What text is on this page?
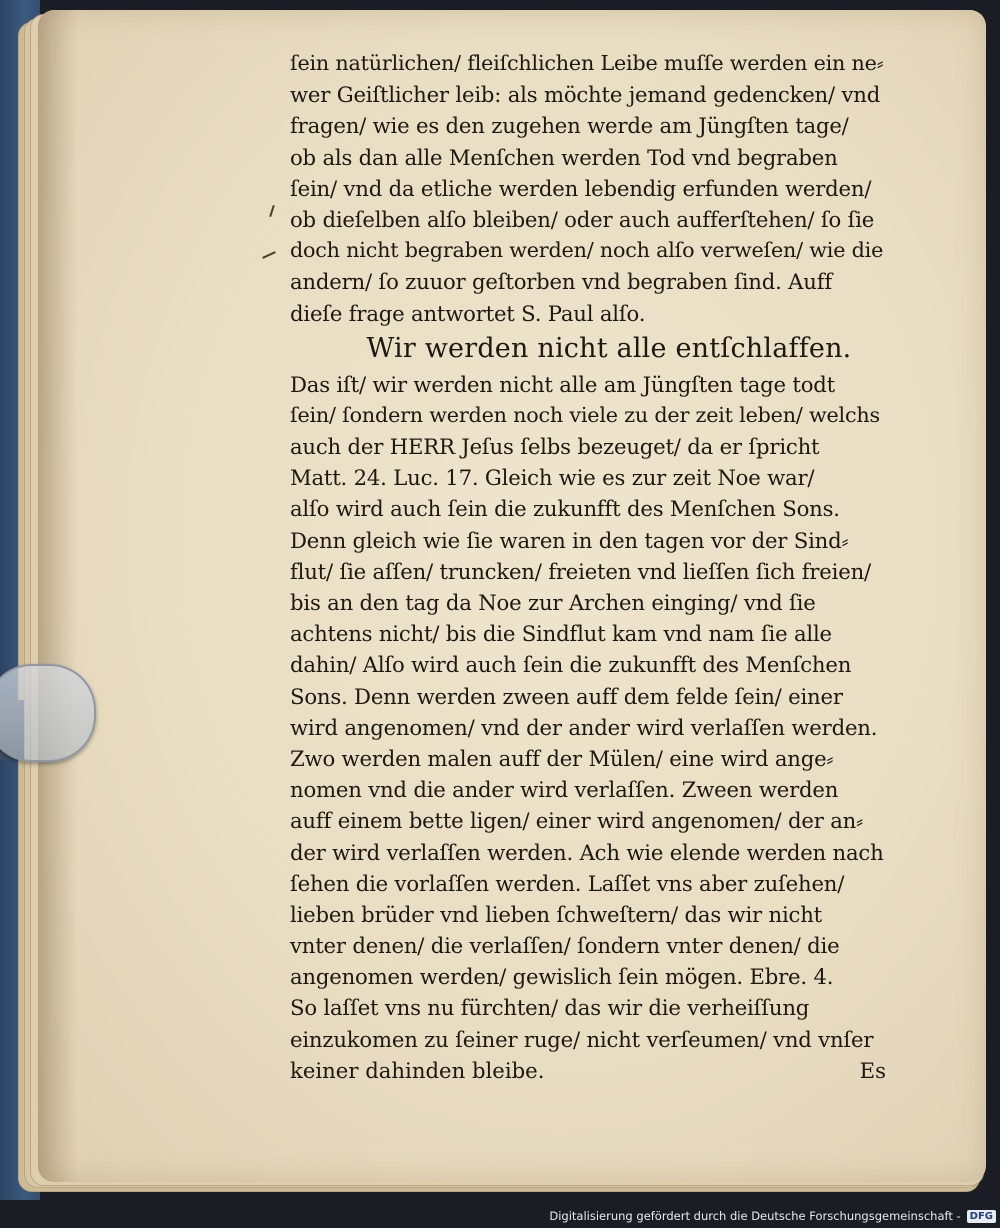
ſein natürlichen/ fleiſchlichen Leibe muſſe werden ein ne⸗
wer Geiſtlicher leib: als möchte jemand gedencken/ vnd
fragen/ wie es den zugehen werde am Jüngſten tage/
ob als dan alle Menſchen werden Tod vnd begraben
ſein/ vnd da etliche werden lebendig erfunden werden/
ob dieſelben alſo bleiben/ oder auch aufferſtehen/ ſo ſie
doch nicht begraben werden/ noch alſo verweſen/ wie die
andern/ ſo zuuor geſtorben vnd begraben ſind. Auff
dieſe frage antwortet S. Paul alſo.
Wir werden nicht alle entſchlaffen.
Das iſt/ wir werden nicht alle am Jüngſten tage todt
ſein/ ſondern werden noch viele zu der zeit leben/ welchs
auch der HERR Jeſus ſelbs bezeuget/ da er ſpricht
Matt. 24. Luc. 17. Gleich wie es zur zeit Noe war/
alſo wird auch ſein die zukunfft des Menſchen Sons.
Denn gleich wie ſie waren in den tagen vor der Sind⸗
flut/ ſie aſſen/ truncken/ freieten vnd lieſſen ſich freien/
bis an den tag da Noe zur Archen einging/ vnd ſie
achtens nicht/ bis die Sindflut kam vnd nam ſie alle
dahin/ Alſo wird auch ſein die zukunfft des Menſchen
Sons. Denn werden zween auff dem felde ſein/ einer
wird angenomen/ vnd der ander wird verlaſſen werden.
Zwo werden malen auff der Mülen/ eine wird ange⸗
nomen vnd die ander wird verlaſſen. Zween werden
auff einem bette ligen/ einer wird angenomen/ der an⸗
der wird verlaſſen werden. Ach wie elende werden nach
ſehen die vorlaſſen werden. Laſſet vns aber zuſehen/
lieben brüder vnd lieben ſchweſtern/ das wir nicht
vnter denen/ die verlaſſen/ ſondern vnter denen/ die
angenomen werden/ gewislich ſein mögen. Ebre. 4.
So laſſet vns nu fürchten/ das wir die verheiſſung
einzukomen zu ſeiner ruge/ nicht verſeumen/ vnd vnſer
keiner dahinden bleibe.	Es
Digitalisierung gefördert durch die Deutsche Forschungsgemeinschaft - DFG
